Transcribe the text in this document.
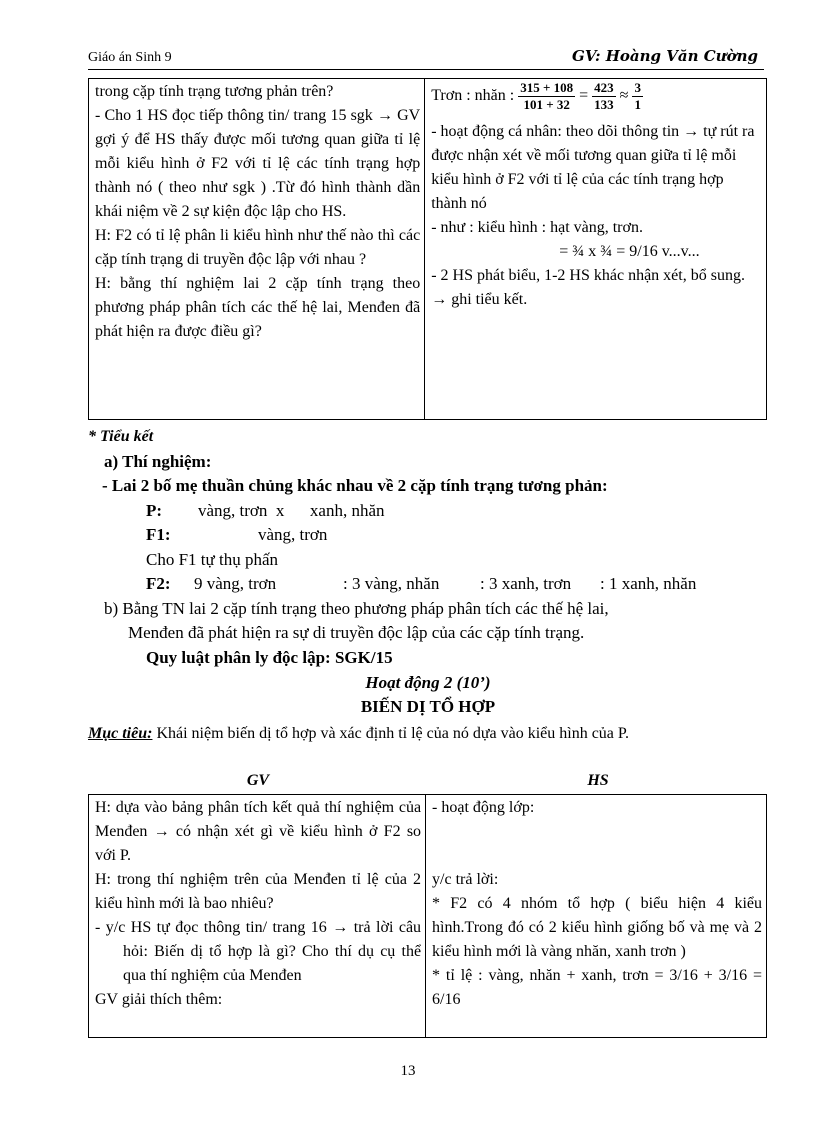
Giáo án Sinh 9	GV: Hoàng Văn Cường
trong cặp tính trạng tương phản trên?
- Cho 1 HS đọc tiếp thông tin/ trang 15 sgk → GV gợi ý để HS thấy được mối tương quan giữa tỉ lệ mỗi kiểu hình ở F2 với tỉ lệ các tính trạng hợp thành nó ( theo như sgk ) .Từ đó hình thành dần khái niệm về 2 sự kiện độc lập cho HS.
H: F2 có tỉ lệ phân li kiểu hình như thế nào thì các cặp tính trạng di truyền độc lập với nhau ?
H: bằng thí nghiệm lai 2 cặp tính trạng theo phương pháp phân tích các thế hệ lai, Menđen đã phát hiện ra được điều gì?

Trơn : nhăn : $\frac{315 + 108}{101 + 32} = \frac{423}{133} \approx \frac{3}{1}$
- hoạt động cá nhân: theo dõi thông tin → tự rút ra được nhận xét về mối tương quan giữa tỉ lệ mỗi kiểu hình ở F2 với tỉ lệ của các tính trạng hợp thành nó
- như : kiểu hình : hạt vàng, trơn.
= ¾ x ¾ = 9/16 v...v...
- 2 HS phát biểu, 1-2 HS khác nhận xét, bổ sung.
→ ghi tiểu kết.
* Tiểu kết
a) Thí nghiệm:
- Lai 2 bố mẹ thuần chủng khác nhau về 2 cặp tính trạng tương phản:
P: vàng, trơn  x      xanh, nhăn
F1:	vàng, trơn
Cho F1 tự thụ phấn
F2: 9 vàng, trơn	: 3 vàng, nhăn : 3 xanh, trơn : 1 xanh, nhăn
b) Bằng TN lai 2 cặp tính trạng theo phương pháp phân tích các thế hệ lai,
Menđen đã phát hiện ra sự di truyền độc lập của các cặp tính trạng.
Quy luật phân ly độc lập: SGK/15
Hoạt động 2 (10’)
BIẾN DỊ TỔ HỢP
Mục tiêu: Khái niệm biến dị tổ hợp và xác định tỉ lệ của nó dựa vào kiểu hình của P.
GV	HS
H: dựa vào bảng phân tích kết quả thí nghiệm của Menđen → có nhận xét gì về kiểu hình ở F2 so với P.
H: trong thí nghiệm trên của Menđen tỉ lệ của 2 kiểu hình mới là bao nhiêu?
- y/c HS tự đọc thông tin/ trang 16 → trả lời câu hỏi: Biến dị tổ hợp là gì? Cho thí dụ cụ thể qua thí nghiệm của Menđen
GV giải thích thêm:

- hoạt động lớp:
y/c trả lời:
* F2 có 4 nhóm tổ hợp ( biểu hiện 4 kiểu hình.Trong đó có 2 kiểu hình giống bố và mẹ và 2 kiểu hình mới là vàng nhăn, xanh trơn )
* tỉ lệ : vàng, nhăn + xanh, trơn = 3/16 + 3/16 = 6/16
13
